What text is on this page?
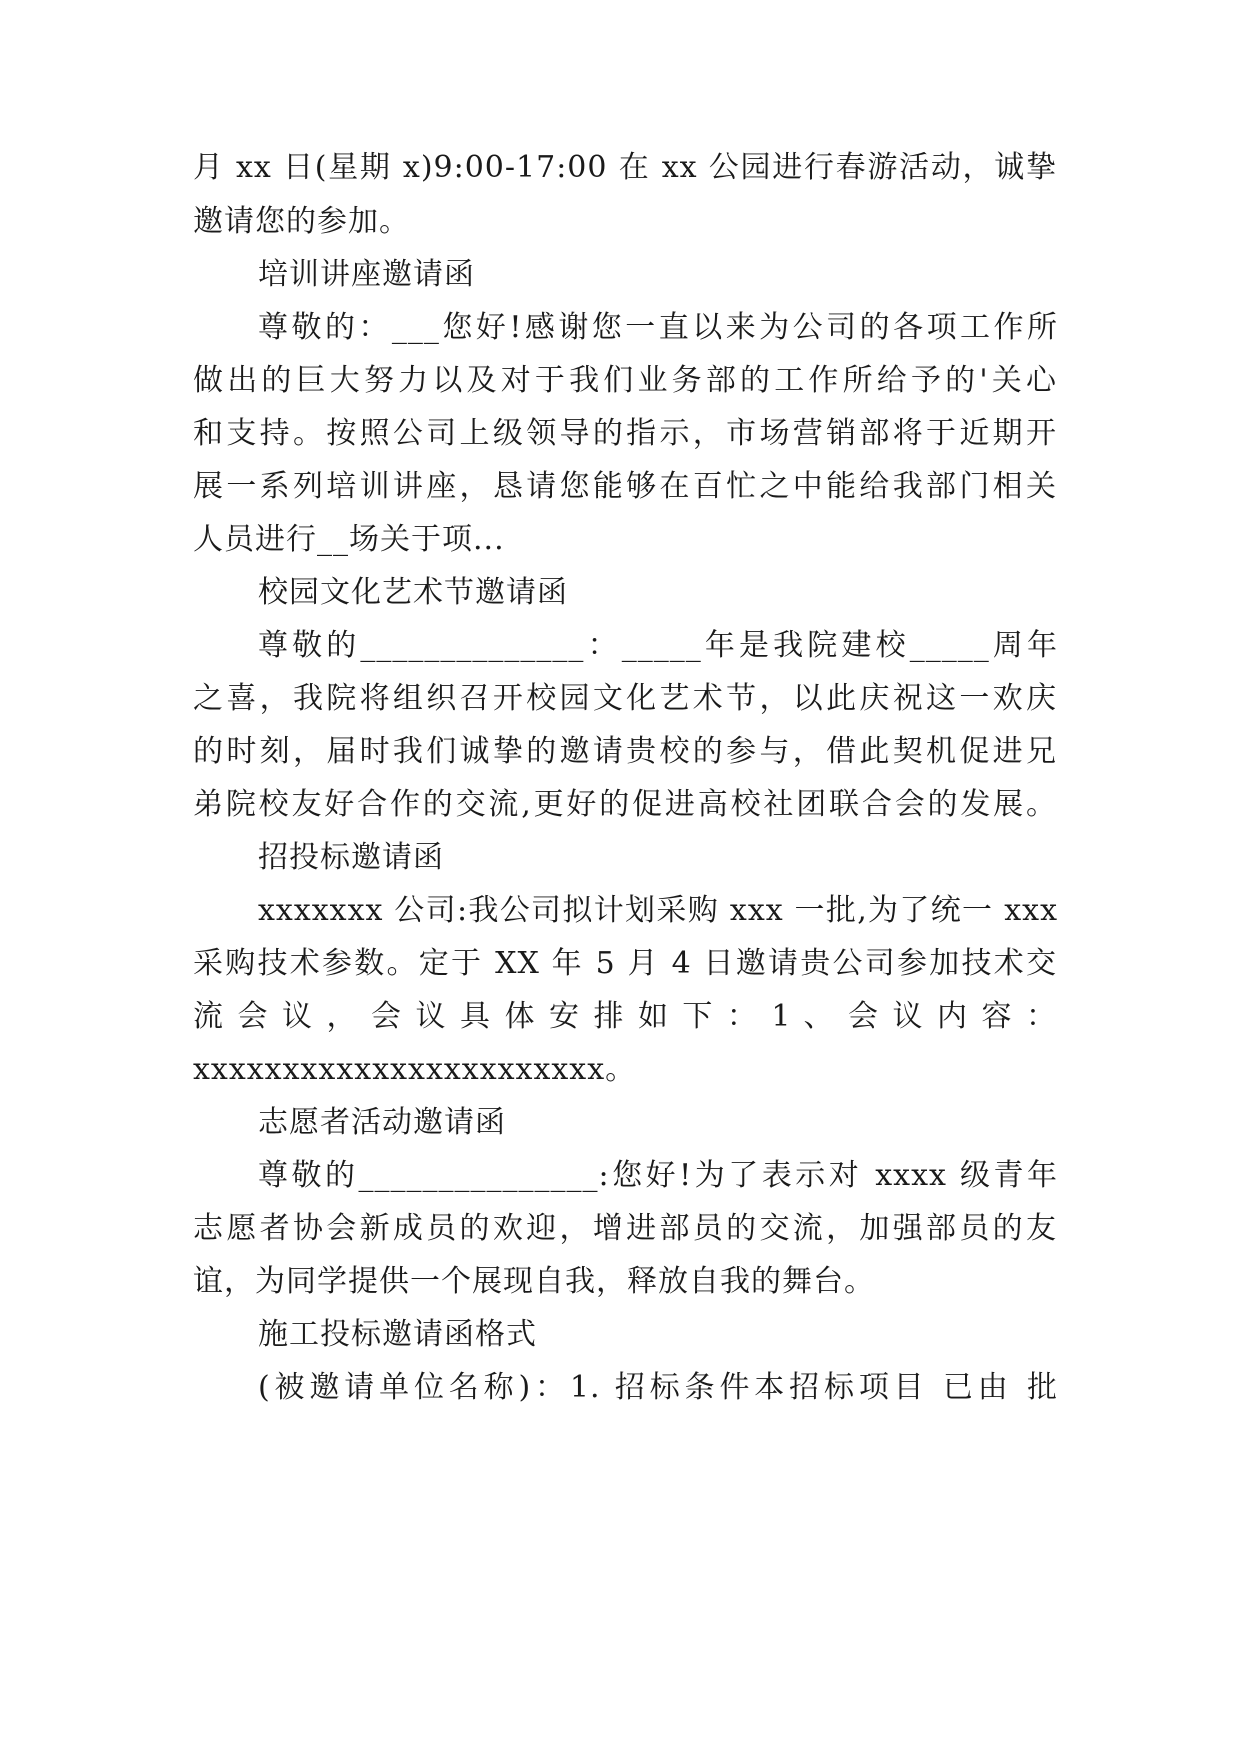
月 xx 日(星期 x)9:00-17:00 在 xx 公园进行春游活动，诚挚
邀请您的参加。
培训讲座邀请函
尊敬的：___您好!感谢您一直以来为公司的各项工作所
做出的巨大努力以及对于我们业务部的工作所给予的'关心
和支持。按照公司上级领导的指示，市场营销部将于近期开
展一系列培训讲座，恳请您能够在百忙之中能给我部门相关
人员进行__场关于项...
校园文化艺术节邀请函
尊敬的______________：_____年是我院建校_____周年
之喜，我院将组织召开校园文化艺术节，以此庆祝这一欢庆
的时刻，届时我们诚挚的邀请贵校的参与，借此契机促进兄
弟院校友好合作的交流,更好的促进高校社团联合会的发展。
招投标邀请函
xxxxxxx 公司:我公司拟计划采购 xxx 一批,为了统一 xxx
采购技术参数。定于 XX 年 5 月 4 日邀请贵公司参加技术交
流 会 议 ， 会 议 具 体 安 排 如 下 ： 1 、 会 议 内 容 ：
xxxxxxxxxxxxxxxxxxxxxxx。
志愿者活动邀请函
尊敬的_______________:您好!为了表示对 xxxx 级青年
志愿者协会新成员的欢迎，增进部员的交流，加强部员的友
谊，为同学提供一个展现自我，释放自我的舞台。
施工投标邀请函格式
(被邀请单位名称)：1. 招标条件本招标项目 已由 批
